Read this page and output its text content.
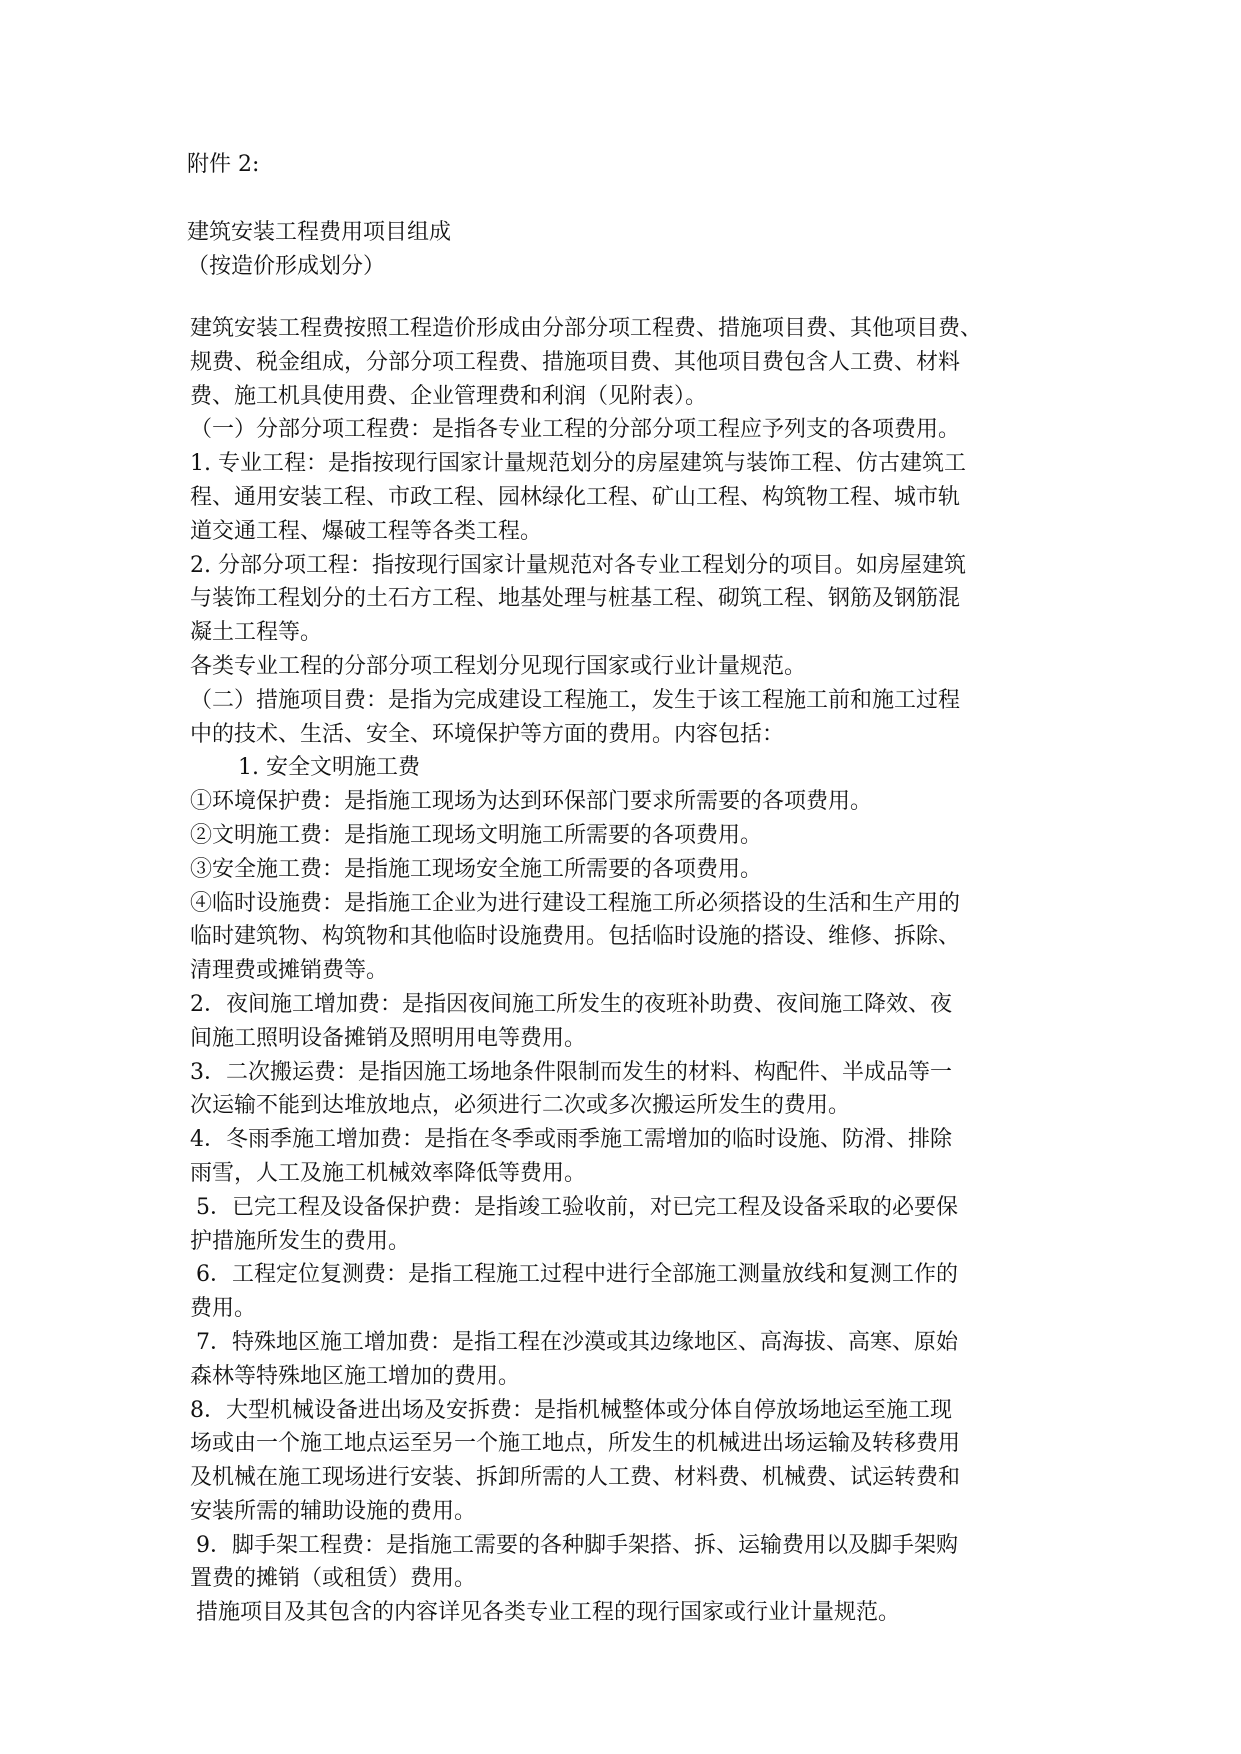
附件 2:
建筑安装工程费用项目组成
（按造价形成划分）
建筑安装工程费按照工程造价形成由分部分项工程费、措施项目费、其他项目费、
规费、税金组成，分部分项工程费、措施项目费、其他项目费包含人工费、材料
费、施工机具使用费、企业管理费和利润（见附表）。
（一）分部分项工程费：是指各专业工程的分部分项工程应予列支的各项费用。
1. 专业工程：是指按现行国家计量规范划分的房屋建筑与装饰工程、仿古建筑工
程、通用安装工程、市政工程、园林绿化工程、矿山工程、构筑物工程、城市轨
道交通工程、爆破工程等各类工程。
2. 分部分项工程：指按现行国家计量规范对各专业工程划分的项目。如房屋建筑
与装饰工程划分的土石方工程、地基处理与桩基工程、砌筑工程、钢筋及钢筋混
凝土工程等。
各类专业工程的分部分项工程划分见现行国家或行业计量规范。
（二）措施项目费：是指为完成建设工程施工，发生于该工程施工前和施工过程
中的技术、生活、安全、环境保护等方面的费用。内容包括：
1. 安全文明施工费
①环境保护费：是指施工现场为达到环保部门要求所需要的各项费用。
②文明施工费：是指施工现场文明施工所需要的各项费用。
③安全施工费：是指施工现场安全施工所需要的各项费用。
④临时设施费：是指施工企业为进行建设工程施工所必须搭设的生活和生产用的
临时建筑物、构筑物和其他临时设施费用。包括临时设施的搭设、维修、拆除、
清理费或摊销费等。
2．夜间施工增加费：是指因夜间施工所发生的夜班补助费、夜间施工降效、夜
间施工照明设备摊销及照明用电等费用。
3．二次搬运费：是指因施工场地条件限制而发生的材料、构配件、半成品等一
次运输不能到达堆放地点，必须进行二次或多次搬运所发生的费用。
4．冬雨季施工增加费：是指在冬季或雨季施工需增加的临时设施、防滑、排除
雨雪，人工及施工机械效率降低等费用。
5．已完工程及设备保护费：是指竣工验收前，对已完工程及设备采取的必要保
护措施所发生的费用。
6．工程定位复测费：是指工程施工过程中进行全部施工测量放线和复测工作的
费用。
7．特殊地区施工增加费：是指工程在沙漠或其边缘地区、高海拔、高寒、原始
森林等特殊地区施工增加的费用。
8．大型机械设备进出场及安拆费：是指机械整体或分体自停放场地运至施工现
场或由一个施工地点运至另一个施工地点，所发生的机械进出场运输及转移费用
及机械在施工现场进行安装、拆卸所需的人工费、材料费、机械费、试运转费和
安装所需的辅助设施的费用。
9．脚手架工程费：是指施工需要的各种脚手架搭、拆、运输费用以及脚手架购
置费的摊销（或租赁）费用。
措施项目及其包含的内容详见各类专业工程的现行国家或行业计量规范。
